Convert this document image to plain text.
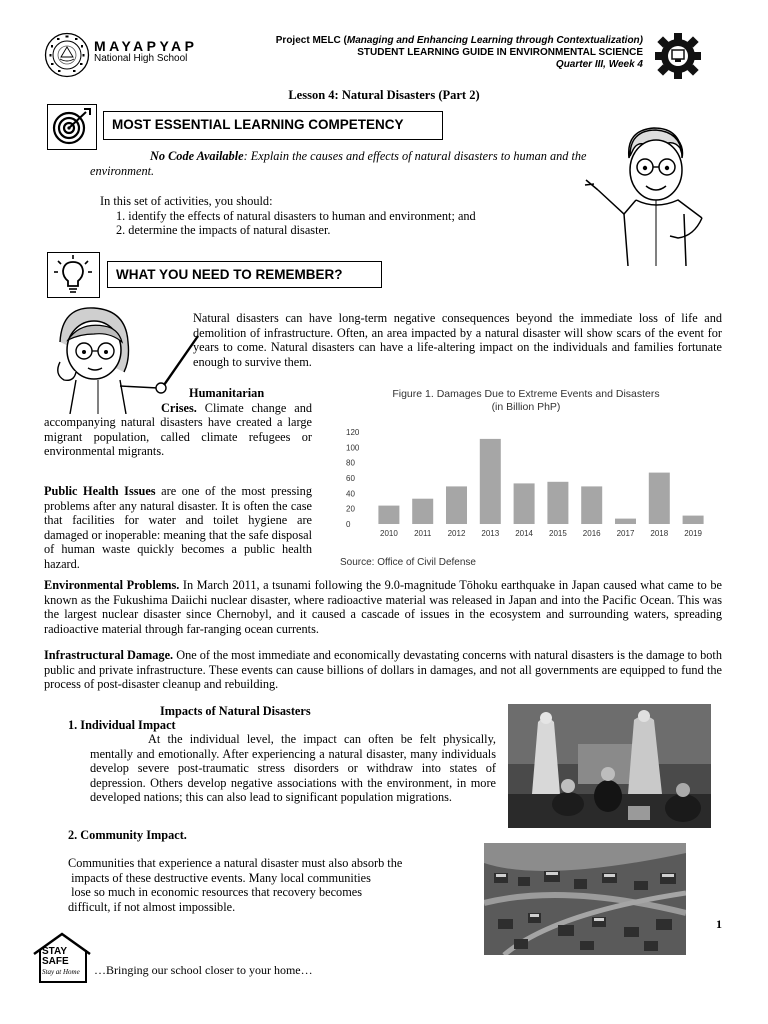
MAYAPYAP
National High School
Project MELC (Managing and Enhancing Learning through Contextualization)
STUDENT LEARNING GUIDE IN ENVIRONMENTAL SCIENCE
Quarter III, Week 4
Lesson 4: Natural Disasters (Part 2)
MOST ESSENTIAL LEARNING COMPETENCY
No Code Available: Explain the causes and effects of natural disasters to human and the environment.
In this set of activities, you should:
1. identify the effects of natural disasters to human and environment; and
2. determine the impacts of natural disaster.
WHAT YOU NEED TO REMEMBER?
Natural disasters can have long-term negative consequences beyond the immediate loss of life and demolition of infrastructure. Often, an area impacted by a natural disaster will show scars of the event for years to come. Natural disasters can have a life-altering impact on the individuals and families fortunate enough to survive them.

Humanitarian

Crises. Climate change and accompanying natural disasters have created a large migrant population, called climate refugees or environmental migrants.

Public Health Issues are one of the most pressing problems after any natural disaster. It is often the case that facilities for water and toilet hygiene are damaged or inoperable: meaning that the safe disposal of human waste quickly becomes a public health hazard.
Figure 1. Damages Due to Extreme Events and Disasters
(in Billion PhP)
0
20
40
60
80
100
120
2010 2011 2012 2013 2014 2015 2016 2017 2018 2019
Source: Office of Civil Defense
Environmental Problems. In March 2011, a tsunami following the 9.0-magnitude Tōhoku earthquake in Japan caused what came to be known as the Fukushima Daiichi nuclear disaster, where radioactive material was released in Japan and into the Pacific Ocean. This was the largest nuclear disaster since Chernobyl, and it caused a cascade of issues in the ecosystem and surrounding waters, spreading radioactive material through far-ranging ocean currents.
Infrastructural Damage. One of the most immediate and economically devastating concerns with natural disasters is the damage to both public and private infrastructure. These events can cause billions of dollars in damages, and not all governments are equipped to fund the process of post-disaster cleanup and rebuilding.
Impacts of Natural Disasters
1. Individual Impact
At the individual level, the impact can often be felt physically, mentally and emotionally. After experiencing a natural disaster, many individuals develop severe post-traumatic stress disorders or withdraw into states of depression. Others develop negative associations with the environment, in more developed nations; this can also lead to significant population migrations.
2. Community Impact.

Communities that experience a natural disaster must also absorb the

impacts of these destructive events. Many local communities

lose so much in economic resources that recovery becomes

difficult, if not almost impossible.

STAY
SAFE
Stay at Home …Bringing our school closer to your home…
1
